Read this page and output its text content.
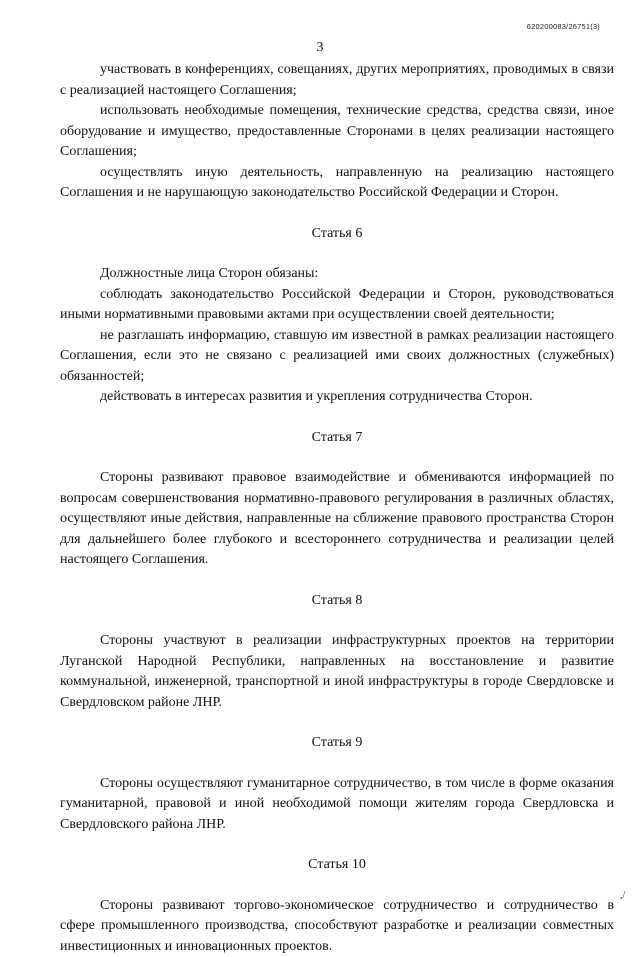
620200083/26751(3)
3

участвовать в конференциях, совещаниях, других мероприятиях, проводимых в связи с реализацией настоящего Соглашения;

использовать необходимые помещения, технические средства, средства связи, иное оборудование и имущество, предоставленные Сторонами в целях реализации настоящего Соглашения;

осуществлять иную деятельность, направленную на реализацию настоящего Соглашения и не нарушающую законодательство Российской Федерации и Сторон.

Статья 6

Должностные лица Сторон обязаны:

соблюдать законодательство Российской Федерации и Сторон, руководствоваться иными нормативными правовыми актами при осуществлении своей деятельности;

не разглашать информацию, ставшую им известной в рамках реализации настоящего Соглашения, если это не связано с реализацией ими своих должностных (служебных) обязанностей;

действовать в интересах развития и укрепления сотрудничества Сторон.

Статья 7

Стороны развивают правовое взаимодействие и обмениваются информацией по вопросам совершенствования нормативно-правового регулирования в различных областях, осуществляют иные действия, направленные на сближение правового пространства Сторон для дальнейшего более глубокого и всестороннего сотрудничества и реализации целей настоящего Соглашения.

Статья 8

Стороны участвуют в реализации инфраструктурных проектов на территории Луганской Народной Республики, направленных на восстановление и развитие коммунальной, инженерной, транспортной и иной инфраструктуры в городе Свердловске и Свердловском районе ЛНР.

Статья 9

Стороны осуществляют гуманитарное сотрудничество, в том числе в форме оказания гуманитарной, правовой и иной необходимой помощи жителям города Свердловска и Свердловского района ЛНР.

Статья 10

Стороны развивают торгово-экономическое сотрудничество и сотрудничество в сфере промышленного производства, способствуют разработке и реализации совместных инвестиционных и инновационных проектов.

,/
